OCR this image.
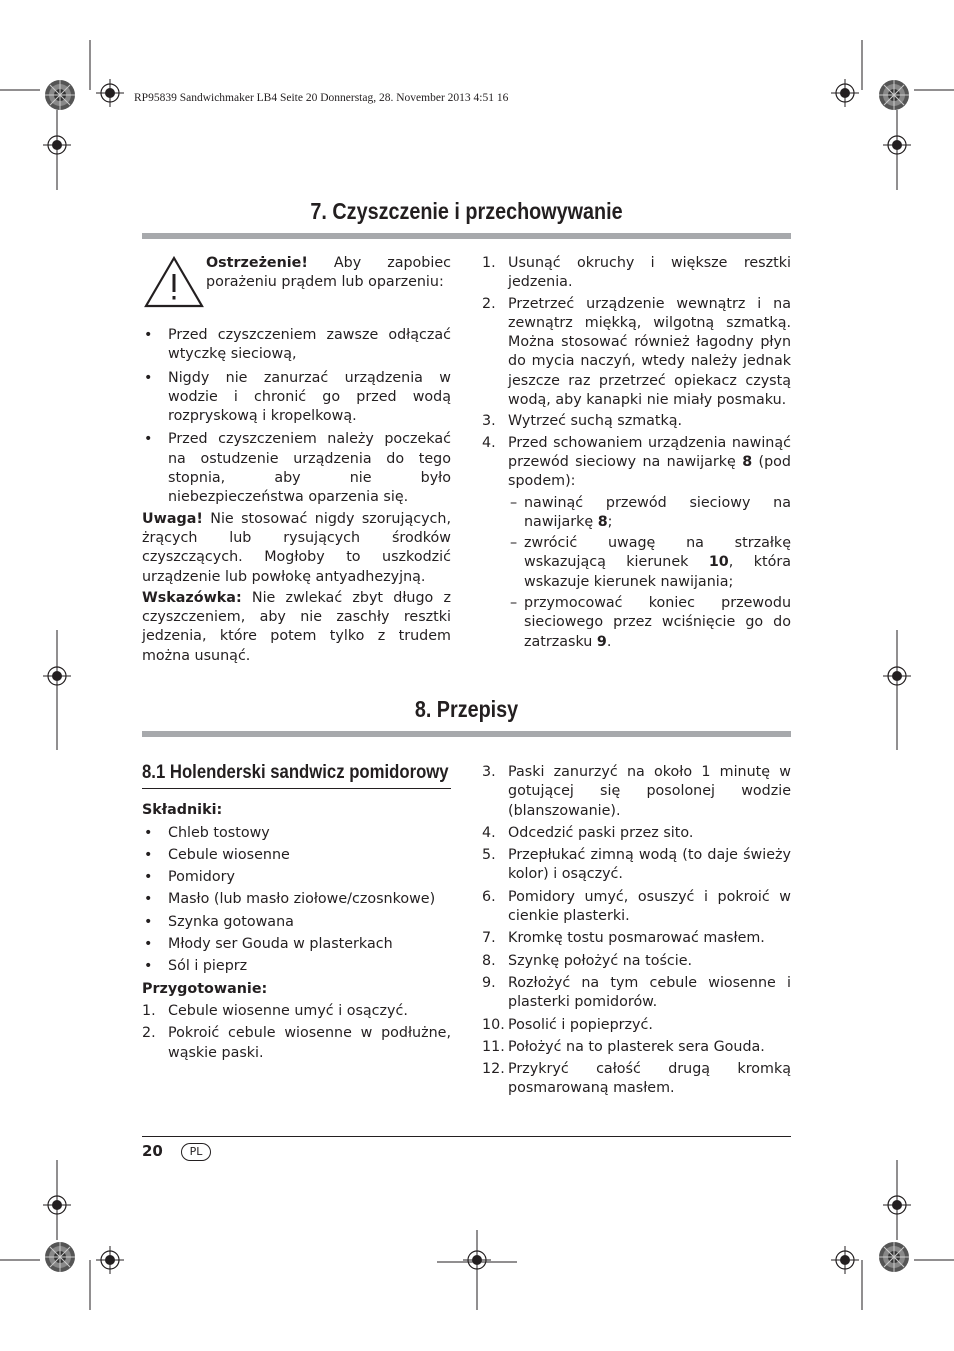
RP95839 Sandwichmaker LB4 Seite 20 Donnerstag, 28. November 2013 4:51 16
7. Czyszczenie i przechowywanie

Ostrzeżenie! Aby zapobiec porażeniu prądem lub oparzeniu:

• Przed czyszczeniem zawsze odłączać wtyczkę sieciową,
• Nigdy nie zanurzać urządzenia w wodzie i chronić go przed wodą rozpryskową i kropelkową.
• Przed czyszczeniem należy poczekać na ostudzenie urządzenia do tego stopnia, aby nie było niebezpieczeństwa oparzenia się.

Uwaga! Nie stosować nigdy szorujących, żrących lub rysujących środków czyszczących. Mogłoby to uszkodzić urządzenie lub powłokę antyadhezyjną.

Wskazówka: Nie zwlekać zbyt długo z czyszczeniem, aby nie zaschły resztki jedzenia, które potem tylko z trudem można usunąć.

1. Usunąć okruchy i większe resztki jedzenia.
2. Przetrzeć urządzenie wewnątrz i na zewnątrz miękką, wilgotną szmatką. Można stosować również łagodny płyn do mycia naczyń, wtedy należy jednak jeszcze raz przetrzeć opiekacz czystą wodą, aby kanapki nie miały posmaku.
3. Wytrzeć suchą szmatką.
4. Przed schowaniem urządzenia nawinąć przewód sieciowy na nawijarkę 8 (pod spodem):
– nawinąć przewód sieciowy na nawijarkę 8;
– zwrócić uwagę na strzałkę wskazującą kierunek 10, która wskazuje kierunek nawijania;
– przymocować koniec przewodu sieciowego przez wciśnięcie go do zatrzasku 9.
8. Przepisy
8.1 Holenderski sandwicz pomidorowy

Składniki:

• Chleb tostowy
• Cebule wiosenne
• Pomidory
• Masło (lub masło ziołowe/czosnkowe)
• Szynka gotowana
• Młody ser Gouda w plasterkach
• Sól i pieprz

Przygotowanie:

1. Cebule wiosenne umyć i osączyć.
2. Pokroić cebule wiosenne w podłużne, wąskie paski.
3. Paski zanurzyć na około 1 minutę w gotującej się posolonej wodzie (blanszowanie).
4. Odcedzić paski przez sito.
5. Przepłukać zimną wodą (to daje świeży kolor) i osączyć.
6. Pomidory umyć, osuszyć i pokroić w cienkie plasterki.
7. Kromkę tostu posmarować masłem.
8. Szynkę położyć na toście.
9. Rozłożyć na tym cebule wiosenne i plasterki pomidorów.
10. Posolić i popieprzyć.
11. Położyć na to plasterek sera Gouda.
12. Przykryć całość drugą kromką posmarowaną masłem.
20	PL
